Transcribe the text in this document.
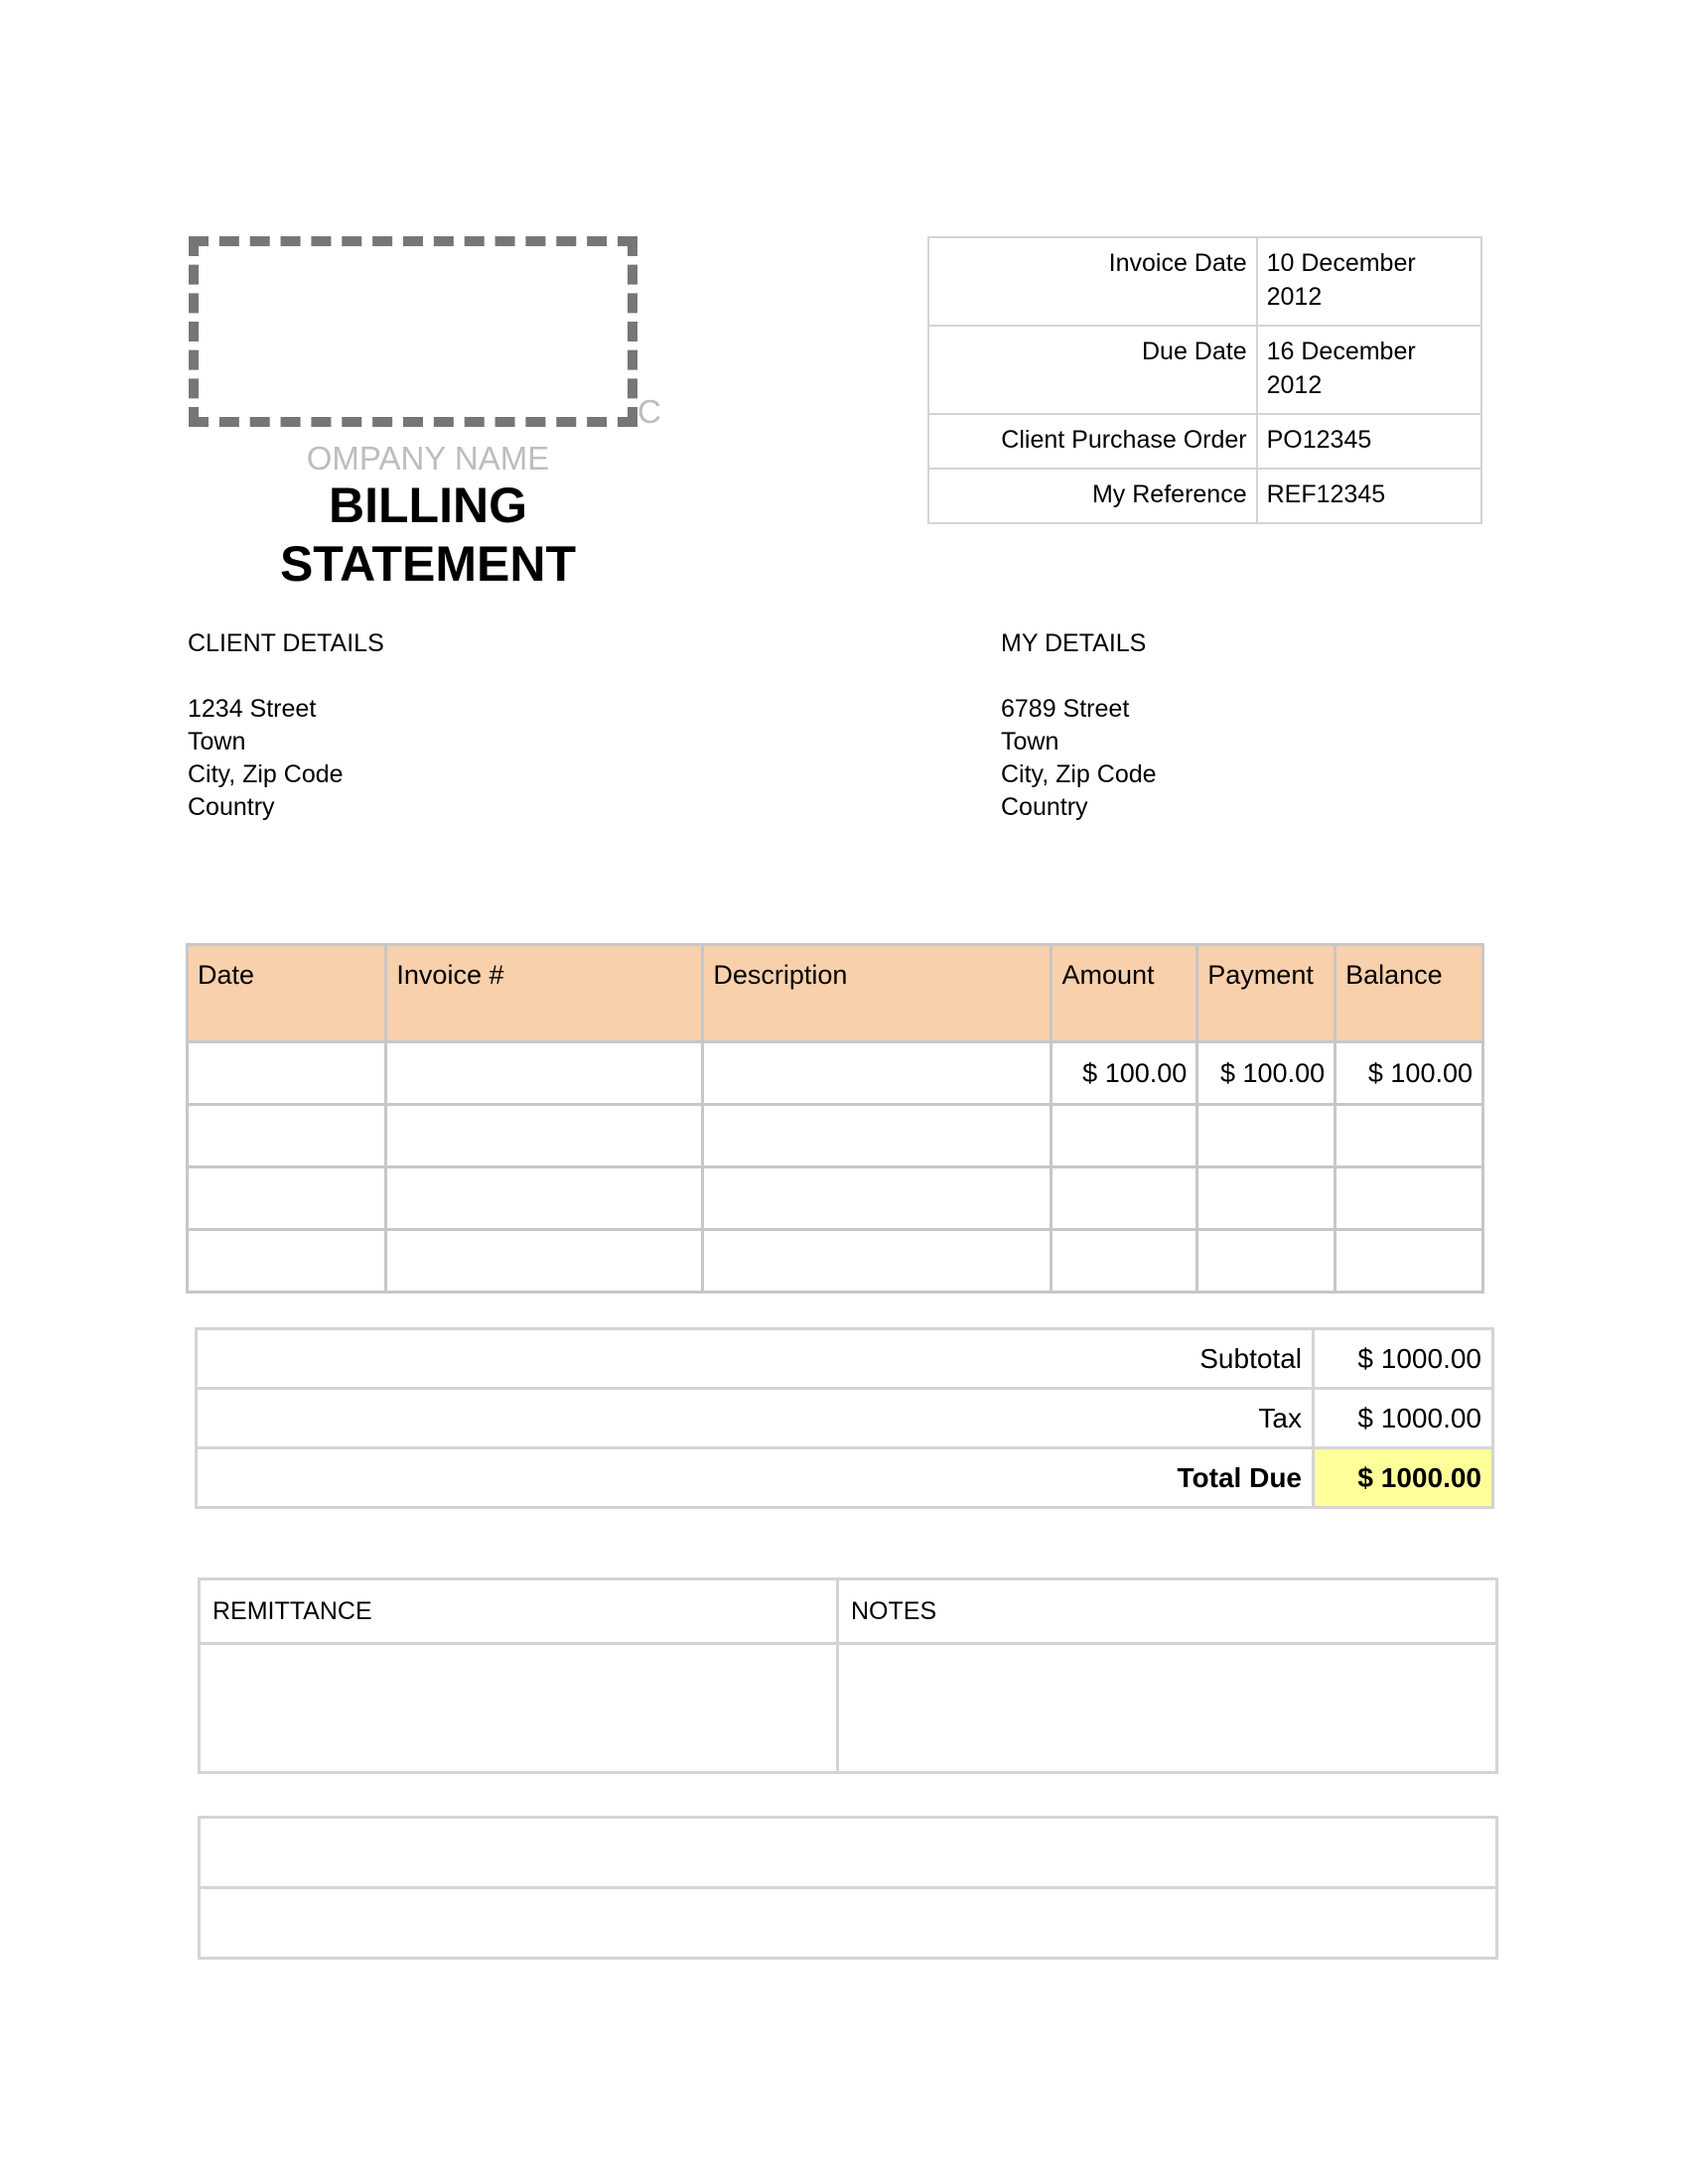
C
OMPANY NAME
BILLING
STATEMENT
Invoice Date	10 December 2012
Due Date	16 December 2012
Client Purchase Order	PO12345
My Reference	REF12345
CLIENT DETAILS
1234 Street
Town
City, Zip Code
Country
MY DETAILS
6789 Street
Town
City, Zip Code
Country
Date	Invoice #	Description	Amount	Payment	Balance
			$ 100.00	$ 100.00	$ 100.00

Subtotal	$ 1000.00
Tax	$ 1000.00
Total Due	$ 1000.00
REMITTANCE	NOTES
